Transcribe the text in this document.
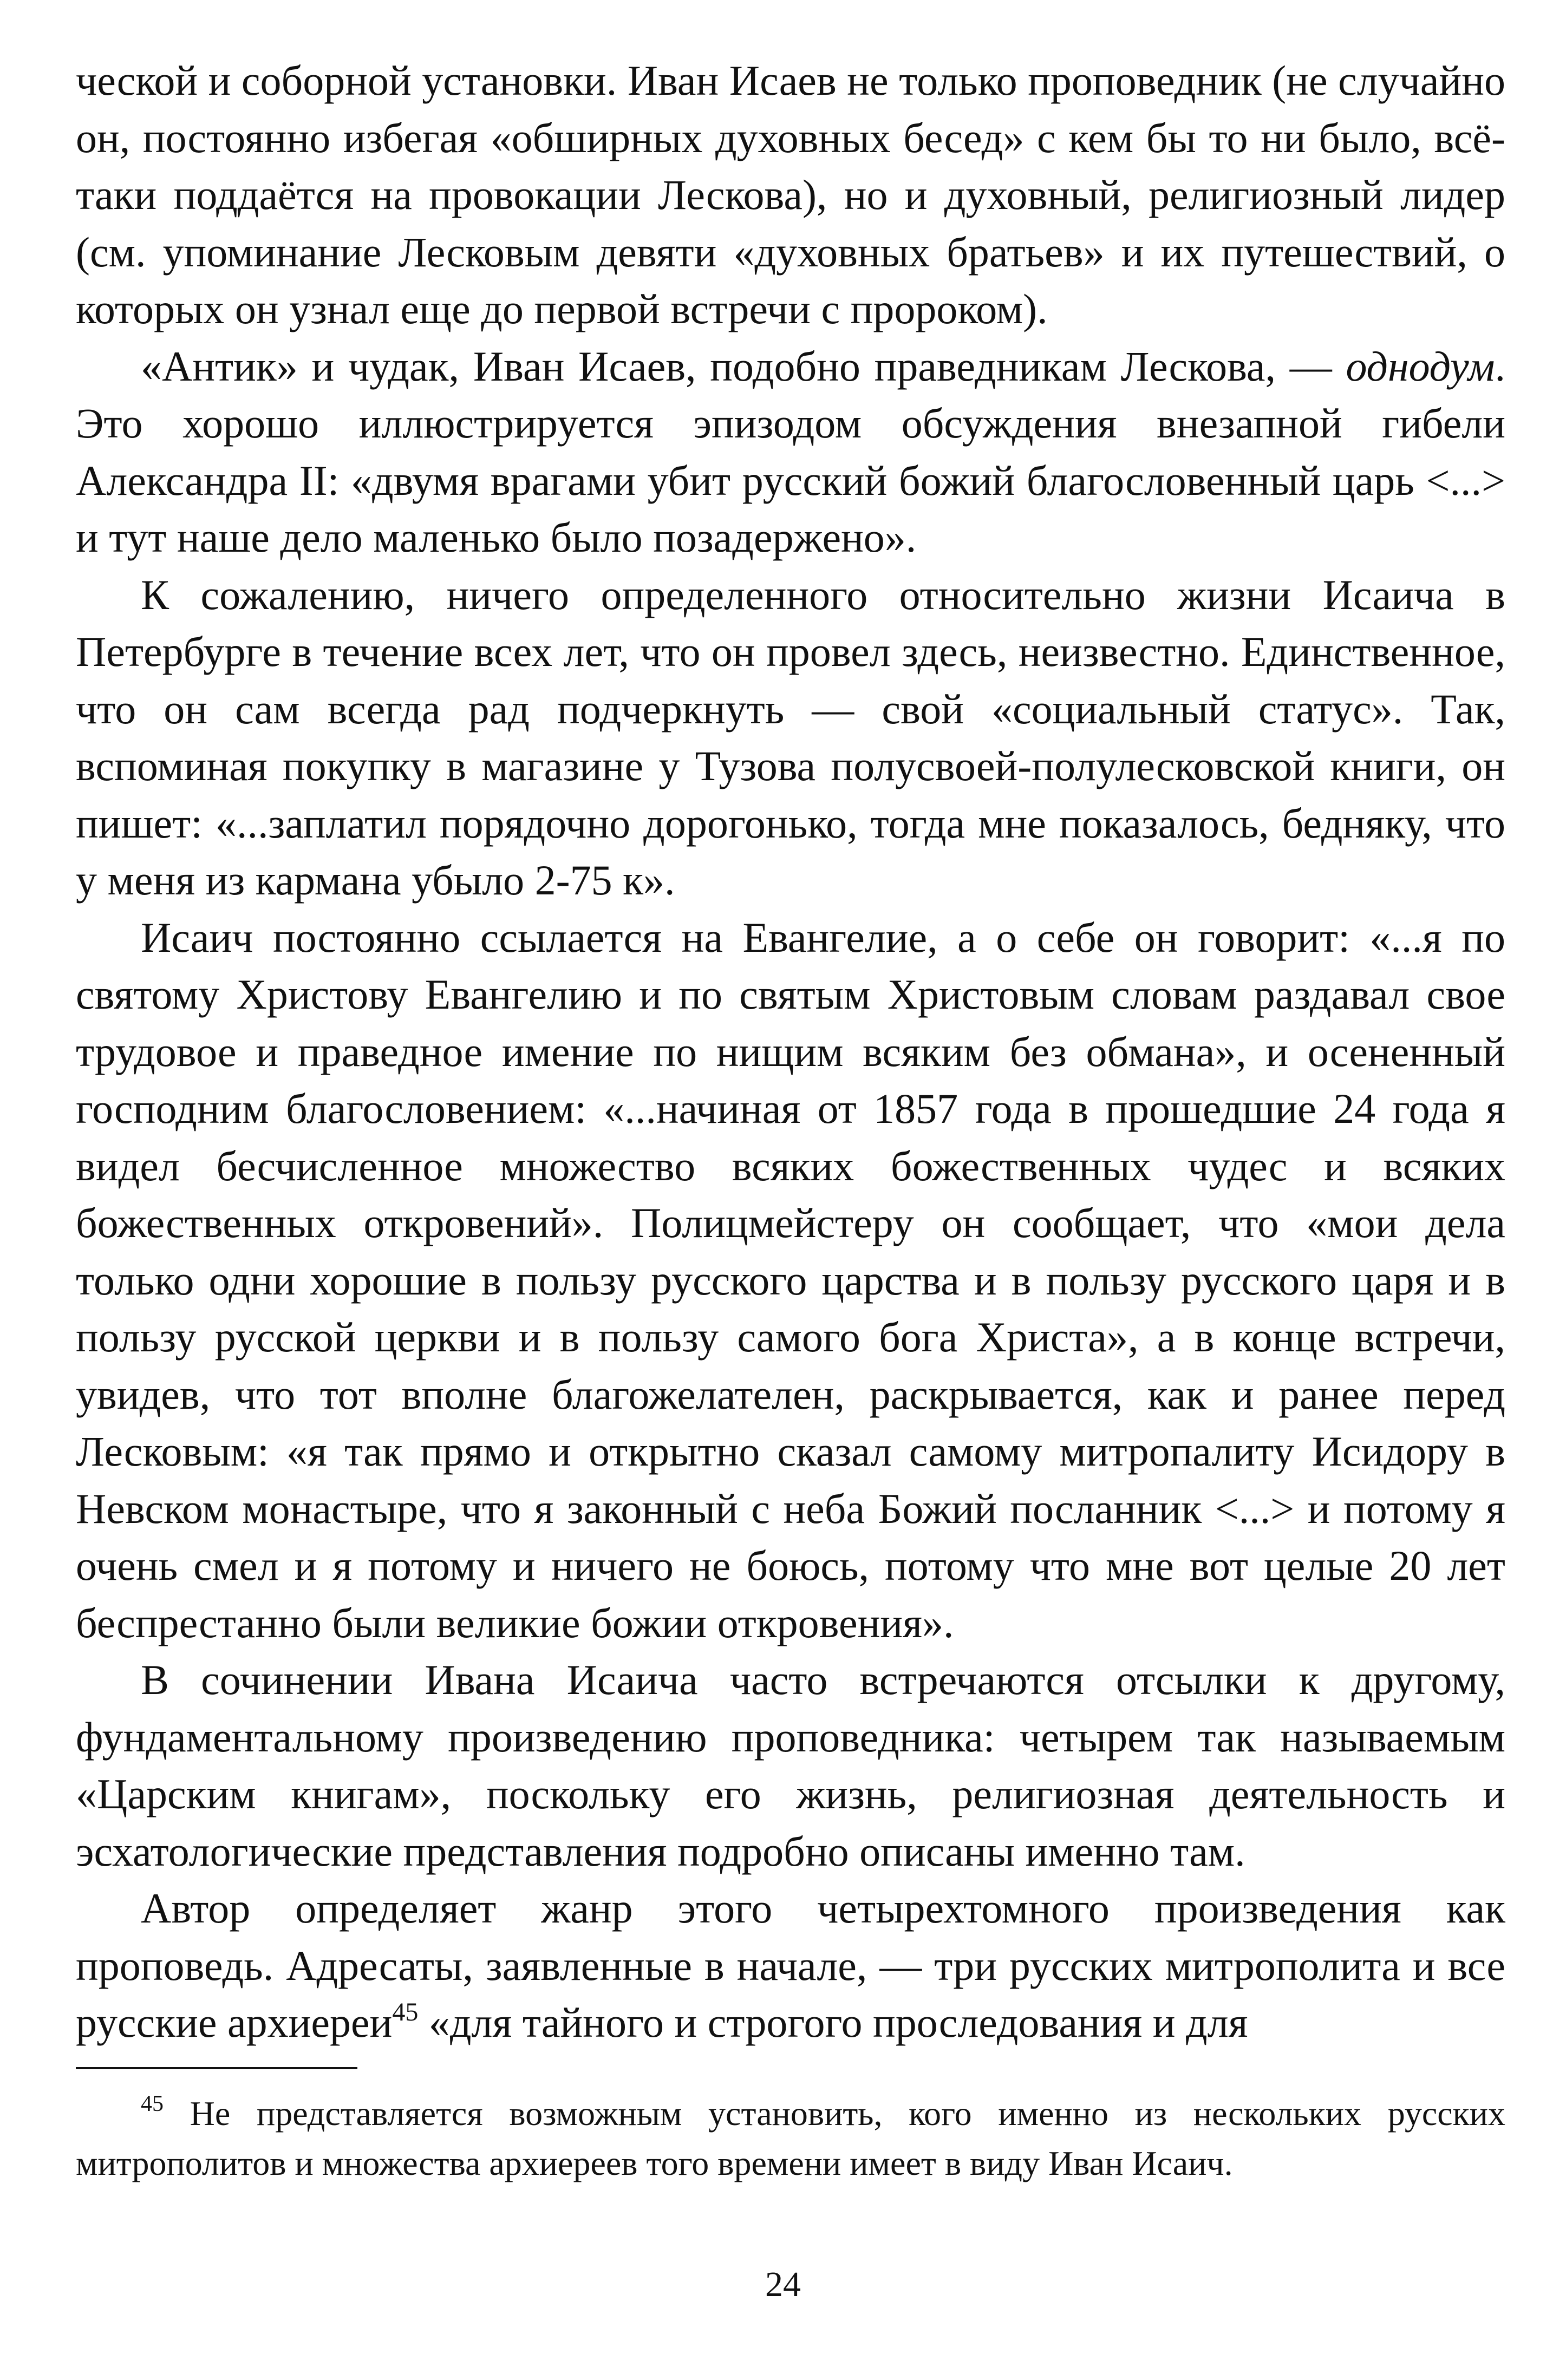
ческой и соборной установки. Иван Исаев не только проповедник (не случайно он, постоянно избегая «обширных духовных бесед» с кем бы то ни было, всё-таки поддаётся на провокации Лескова), но и духовный, религиозный лидер (см. упоминание Лесковым девяти «духовных братьев» и их путешествий, о которых он узнал еще до первой встречи с пророком).

«Антик» и чудак, Иван Исаев, подобно праведникам Лескова, — однодум. Это хорошо иллюстрируется эпизодом обсуждения внезапной гибели Александра II: «двумя врагами убит русский божий благословенный царь <...> и тут наше дело маленько было позадержено».

К сожалению, ничего определенного относительно жизни Исаича в Петербурге в течение всех лет, что он провел здесь, неизвестно. Единственное, что он сам всегда рад подчеркнуть — свой «социальный статус». Так, вспоминая покупку в магазине у Тузова полусвоей-полулесковской книги, он пишет: «...заплатил порядочно дорогонько, тогда мне показалось, бедняку, что у меня из кармана убыло 2-75 к».

Исаич постоянно ссылается на Евангелие, а о себе он говорит: «...я по святому Христову Евангелию и по святым Христовым словам раздавал свое трудовое и праведное имение по нищим всяким без обмана», и осененный господним благословением: «...начиная от 1857 года в прошедшие 24 года я видел бесчисленное множество всяких божественных чудес и всяких божественных откровений». Полицмейстеру он сообщает, что «мои дела только одни хорошие в пользу русского царства и в пользу русского царя и в пользу русской церкви и в пользу самого бога Христа», а в конце встречи, увидев, что тот вполне благожелателен, раскрывается, как и ранее перед Лесковым: «я так прямо и открытно сказал самому митропалиту Исидору в Невском монастыре, что я законный с неба Божий посланник <...> и потому я очень смел и я потому и ничего не боюсь, потому что мне вот целые 20 лет беспрестанно были великие божии откровения».

В сочинении Ивана Исаича часто встречаются отсылки к другому, фундаментальному произведению проповедника: четырем так называемым «Царским книгам», поскольку его жизнь, религиозная деятельность и эсхатологические представления подробно описаны именно там.

Автор определяет жанр этого четырехтомного произведения как проповедь. Адресаты, заявленные в начале, — три русских митрополита и все русские архиереи$^{45}$ «для тайного и строгого проследования и для

$^{45}$ Не представляется возможным установить, кого именно из нескольких русских митрополитов и множества архиереев того времени имеет в виду Иван Исаич.

24
